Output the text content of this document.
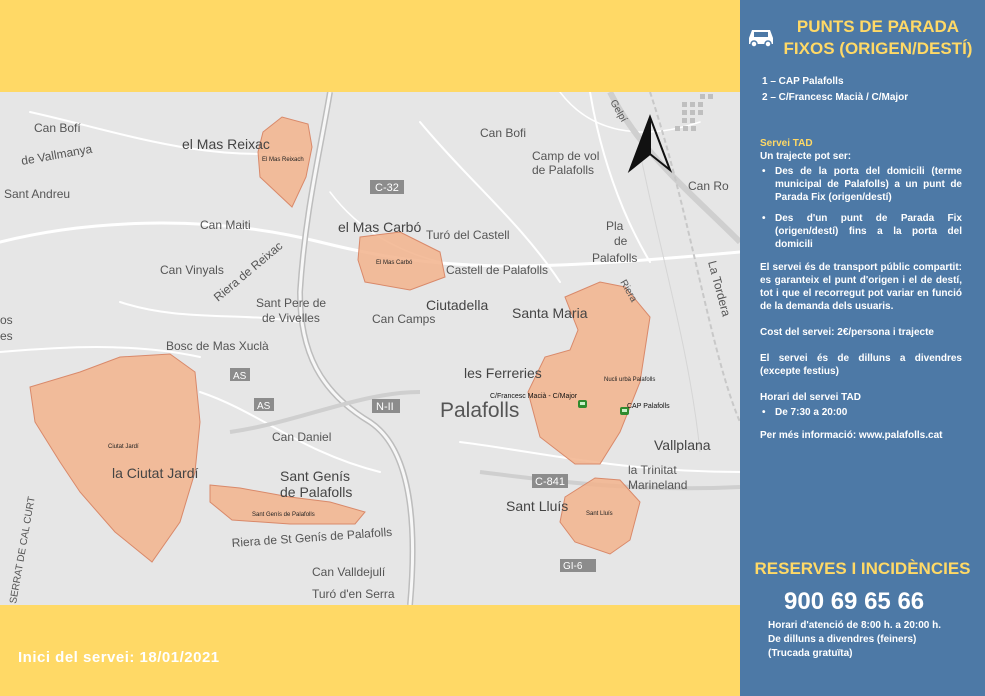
El Mas Reixach
El Mas Carbó
Nucli urbà Palafolls
Ciutat Jardí
Sant Genís de Palafolls	Sant Lluís
Can Bofí
el Mas Reixac
de Vallmanya
Sant Andreu
Can Maiti
Can Vinyals
Riera de Reixac
el Mas Carbó Turó del Castell
Castell de Palafolls
Sant Pere de
de Vivelles	Can Camps
Ciutadella Santa Maria
Bosc de Mas Xuclà
les Ferreries
Palafolls
Vallplana
Can Daniel
Sant Genís
de Palafolls
la Ciutat Jardí
Sant Lluís
la Trinitat
Marineland
Can Valldejulí
Turó d'en Serra
Riera de St Genís de Palafolls
Pla
de
Palafolls
Camp de vol
de Palafolls
Can Bofi
Can Ro
os
es
SERRAT DE CAL CURT
La Tordera
Riera
Gelpí
C-32
N-II
C-841
AS
AS
GI-6
C/Francesc Macià - C/Major
CAP Palafolls
Inici del servei: 18/01/2021
PUNTS DE PARADA
FIXOS (ORIGEN/DESTÍ)
1 – CAP Palafolls
2 – C/Francesc Macià / C/Major
Servei TAD
Un trajecte pot ser:
• Des de la porta del domicili (terme municipal de Palafolls) a un punt de Parada Fix (origen/destí)
• Des d'un punt de Parada Fix (origen/destí) fins a la porta del domicili

El servei és de transport públic compartit: es garanteix el punt d'origen i el de destí, tot i que el recorregut pot variar en funció de la demanda dels usuaris.

Cost del servei: 2€/persona i trajecte

El servei és de dilluns a divendres (excepte festius)

Horari del servei TAD
• De 7:30 a 20:00

Per més informació: www.palafolls.cat

RESERVES I INCIDÈNCIES
900 69 65 66
Horari d'atenció de 8:00 h. a 20:00 h.
De dilluns a divendres (feiners)
(Trucada gratuïta)
